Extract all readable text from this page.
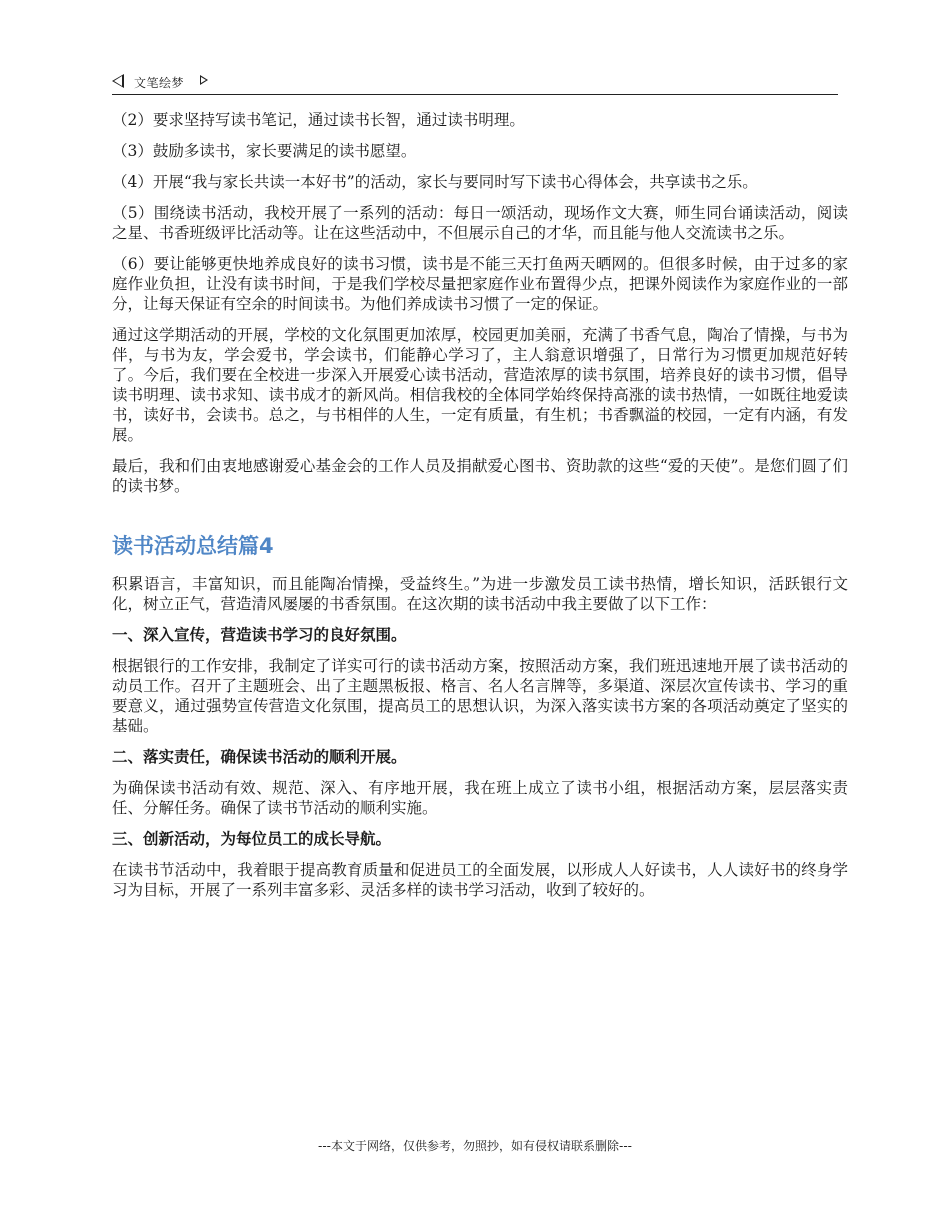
文笔绘梦

（2）要求坚持写读书笔记，通过读书长智，通过读书明理。

（3）鼓励多读书，家长要满足的读书愿望。

（4）开展“我与家长共读一本好书”的活动，家长与要同时写下读书心得体会，共享读书之乐。

（5）围绕读书活动，我校开展了一系列的活动：每日一颂活动，现场作文大赛，师生同台诵读活动，阅读之星、书香班级评比活动等。让在这些活动中，不但展示自己的才华，而且能与他人交流读书之乐。

（6）要让能够更快地养成良好的读书习惯，读书是不能三天打鱼两天晒网的。但很多时候，由于过多的家庭作业负担，让没有读书时间，于是我们学校尽量把家庭作业布置得少点，把课外阅读作为家庭作业的一部分，让每天保证有空余的时间读书。为他们养成读书习惯了一定的保证。

通过这学期活动的开展，学校的文化氛围更加浓厚，校园更加美丽，充满了书香气息，陶冶了情操，与书为伴，与书为友，学会爱书，学会读书，们能静心学习了，主人翁意识增强了，日常行为习惯更加规范好转了。今后，我们要在全校进一步深入开展爱心读书活动，营造浓厚的读书氛围，培养良好的读书习惯，倡导读书明理、读书求知、读书成才的新风尚。相信我校的全体同学始终保持高涨的读书热情，一如既往地爱读书，读好书，会读书。总之，与书相伴的人生，一定有质量，有生机；书香飘溢的校园，一定有内涵，有发展。

最后，我和们由衷地感谢爱心基金会的工作人员及捐献爱心图书、资助款的这些“爱的天使”。是您们圆了们的读书梦。

读书活动总结篇4

积累语言，丰富知识，而且能陶冶情操，受益终生。”为进一步激发员工读书热情，增长知识，活跃银行文化，树立正气，营造清风屡屡的书香氛围。在这次期的读书活动中我主要做了以下工作：

一、深入宣传，营造读书学习的良好氛围。

根据银行的工作安排，我制定了详实可行的读书活动方案，按照活动方案，我们班迅速地开展了读书活动的动员工作。召开了主题班会、出了主题黑板报、格言、名人名言牌等，多渠道、深层次宣传读书、学习的重要意义，通过强势宣传营造文化氛围，提高员工的思想认识，为深入落实读书方案的各项活动奠定了坚实的基础。

二、落实责任，确保读书活动的顺利开展。

为确保读书活动有效、规范、深入、有序地开展，我在班上成立了读书小组，根据活动方案，层层落实责任、分解任务。确保了读书节活动的顺利实施。

三、创新活动，为每位员工的成长导航。

在读书节活动中，我着眼于提高教育质量和促进员工的全面发展，以形成人人好读书，人人读好书的终身学习为目标，开展了一系列丰富多彩、灵活多样的读书学习活动，收到了较好的。

---本文于网络，仅供参考，勿照抄，如有侵权请联系删除---
